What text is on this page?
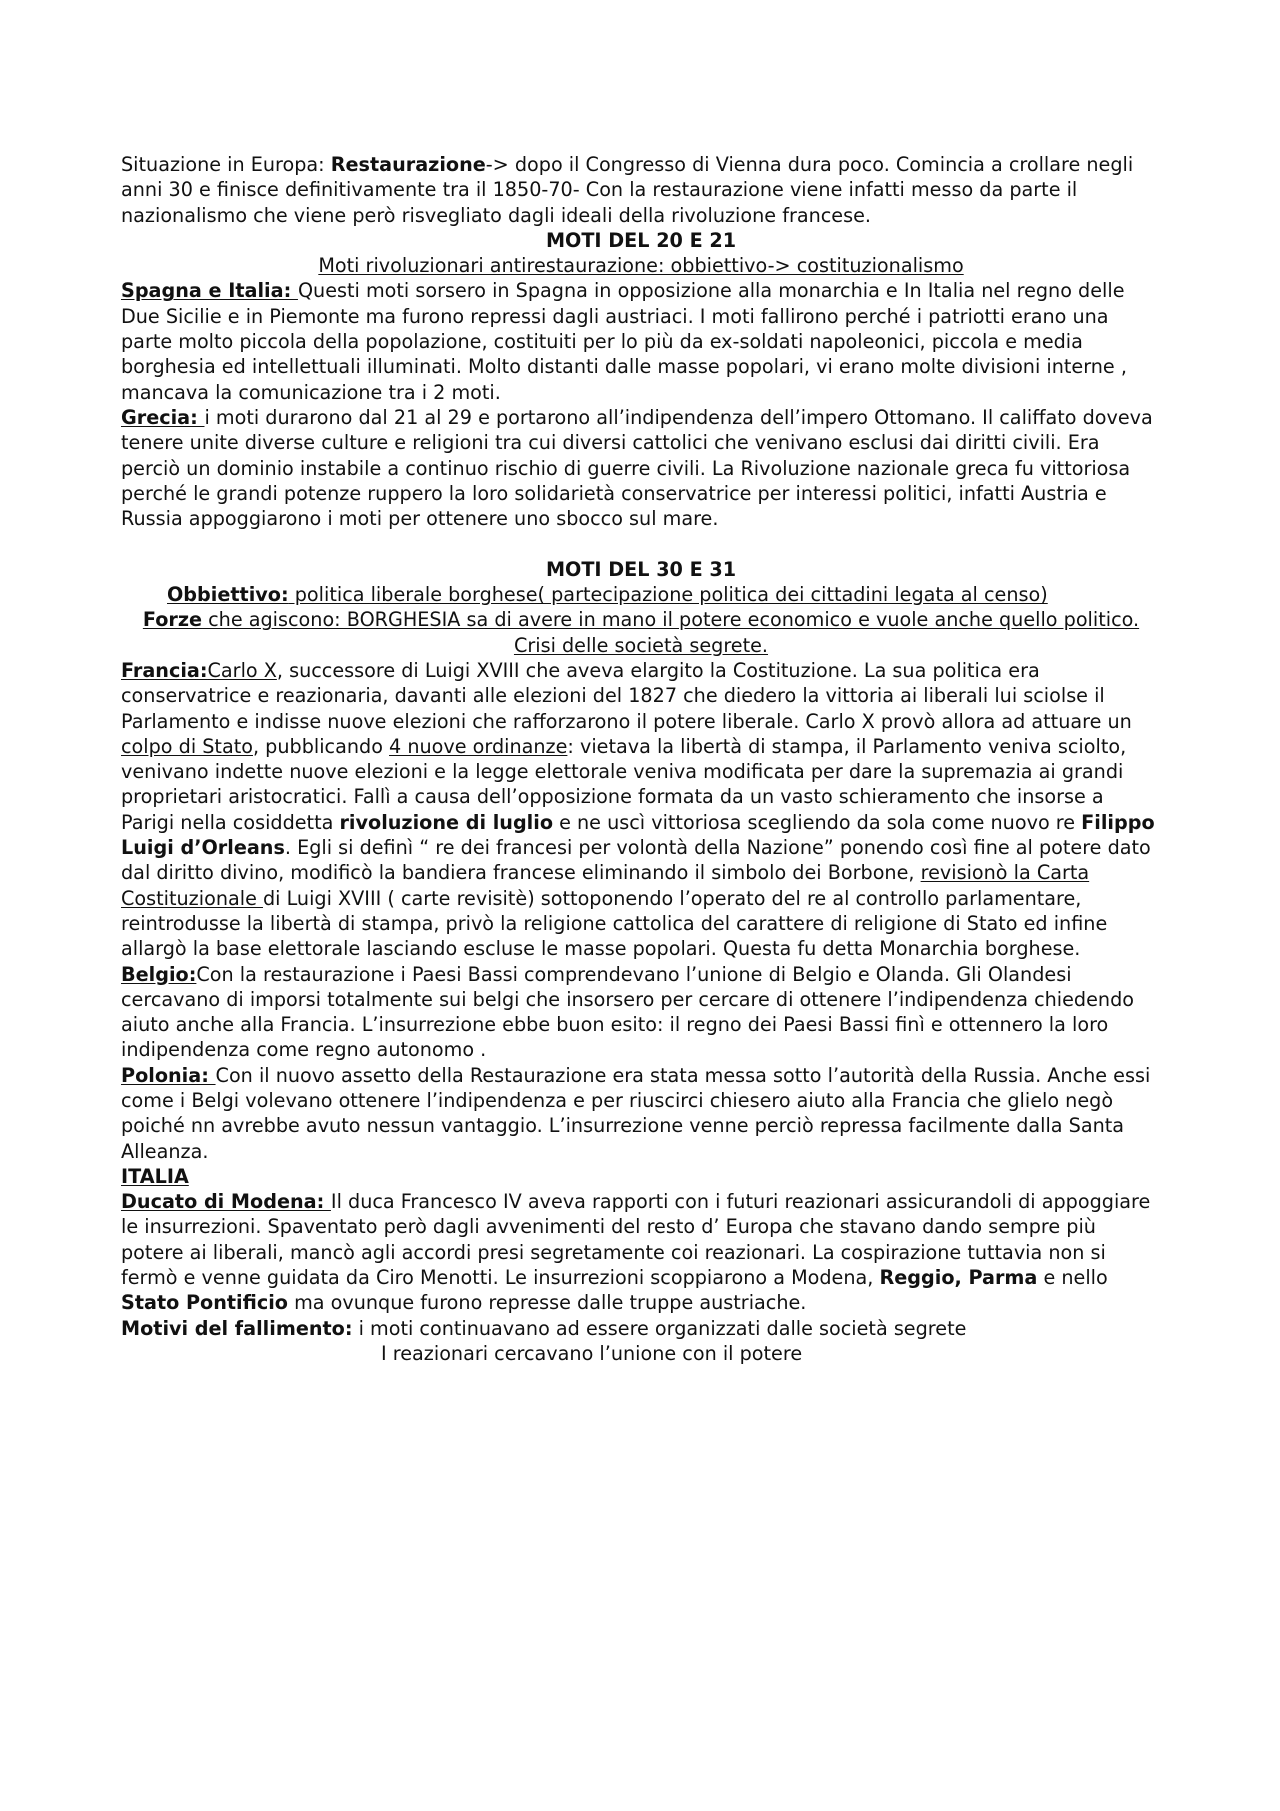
Situazione in Europa: Restaurazione-> dopo il Congresso di Vienna dura poco. Comincia a crollare negli anni 30 e finisce definitivamente tra il 1850-70- Con la restaurazione viene infatti messo da parte il nazionalismo che viene però risvegliato dagli ideali della rivoluzione francese.

MOTI DEL 20 E 21

Moti rivoluzionari antirestaurazione: obbiettivo-> costituzionalismo

Spagna e Italia: Questi moti sorsero in Spagna in opposizione alla monarchia e In Italia nel regno delle Due Sicilie e in Piemonte ma furono repressi dagli austriaci. I moti fallirono perché i patriotti erano una parte molto piccola della popolazione, costituiti per lo più da ex-soldati napoleonici, piccola e media borghesia ed intellettuali illuminati. Molto distanti dalle masse popolari, vi erano molte divisioni interne , mancava la comunicazione tra i 2 moti.

Grecia: i moti durarono dal 21 al 29 e portarono all’indipendenza dell’impero Ottomano. Il califfato doveva tenere unite diverse culture e religioni tra cui diversi cattolici che venivano esclusi dai diritti civili. Era perciò un dominio instabile a continuo rischio di guerre civili. La Rivoluzione nazionale greca fu vittoriosa perché le grandi potenze ruppero la loro solidarietà conservatrice per interessi politici, infatti Austria e Russia appoggiarono i moti per ottenere uno sbocco sul mare.

MOTI DEL 30 E 31

Obbiettivo: politica liberale borghese( partecipazione politica dei cittadini legata al censo)

Forze che agiscono: BORGHESIA sa di avere in mano il potere economico e vuole anche quello politico.

Crisi delle società segrete.

Francia:Carlo X, successore di Luigi XVIII che aveva elargito la Costituzione. La sua politica era conservatrice e reazionaria, davanti alle elezioni del 1827 che diedero la vittoria ai liberali lui sciolse il Parlamento e indisse nuove elezioni che rafforzarono il potere liberale. Carlo X provò allora ad attuare un colpo di Stato, pubblicando 4 nuove ordinanze: vietava la libertà di stampa, il Parlamento veniva sciolto, venivano indette nuove elezioni e la legge elettorale veniva modificata per dare la supremazia ai grandi proprietari aristocratici. Fallì a causa dell’opposizione formata da un vasto schieramento che insorse a Parigi nella cosiddetta rivoluzione di luglio e ne uscì vittoriosa scegliendo da sola come nuovo re Filippo Luigi d’Orleans. Egli si definì “ re dei francesi per volontà della Nazione” ponendo così fine al potere dato dal diritto divino, modificò la bandiera francese eliminando il simbolo dei Borbone, revisionò la Carta Costituzionale di Luigi XVIII ( carte revisitè) sottoponendo l’operato del re al controllo parlamentare, reintrodusse la libertà di stampa, privò la religione cattolica del carattere di religione di Stato ed infine allargò la base elettorale lasciando escluse le masse popolari. Questa fu detta Monarchia borghese.

Belgio:Con la restaurazione i Paesi Bassi comprendevano l’unione di Belgio e Olanda. Gli Olandesi cercavano di imporsi totalmente sui belgi che insorsero per cercare di ottenere l’indipendenza chiedendo aiuto anche alla Francia. L’insurrezione ebbe buon esito: il regno dei Paesi Bassi finì e ottennero la loro indipendenza come regno autonomo .

Polonia: Con il nuovo assetto della Restaurazione era stata messa sotto l’autorità della Russia. Anche essi come i Belgi volevano ottenere l’indipendenza e per riuscirci chiesero aiuto alla Francia che glielo negò poiché nn avrebbe avuto nessun vantaggio. L’insurrezione venne perciò repressa facilmente dalla Santa Alleanza.

ITALIA

Ducato di Modena: Il duca Francesco IV aveva rapporti con i futuri reazionari assicurandoli di appoggiare le insurrezioni. Spaventato però dagli avvenimenti del resto d’ Europa che stavano dando sempre più potere ai liberali, mancò agli accordi presi segretamente coi reazionari. La cospirazione tuttavia non si fermò e venne guidata da Ciro Menotti. Le insurrezioni scoppiarono a Modena, Reggio, Parma e nello Stato Pontificio ma ovunque furono represse dalle truppe austriache.

Motivi del fallimento: i moti continuavano ad essere organizzati dalle società segrete

I reazionari cercavano l’unione con il potere
